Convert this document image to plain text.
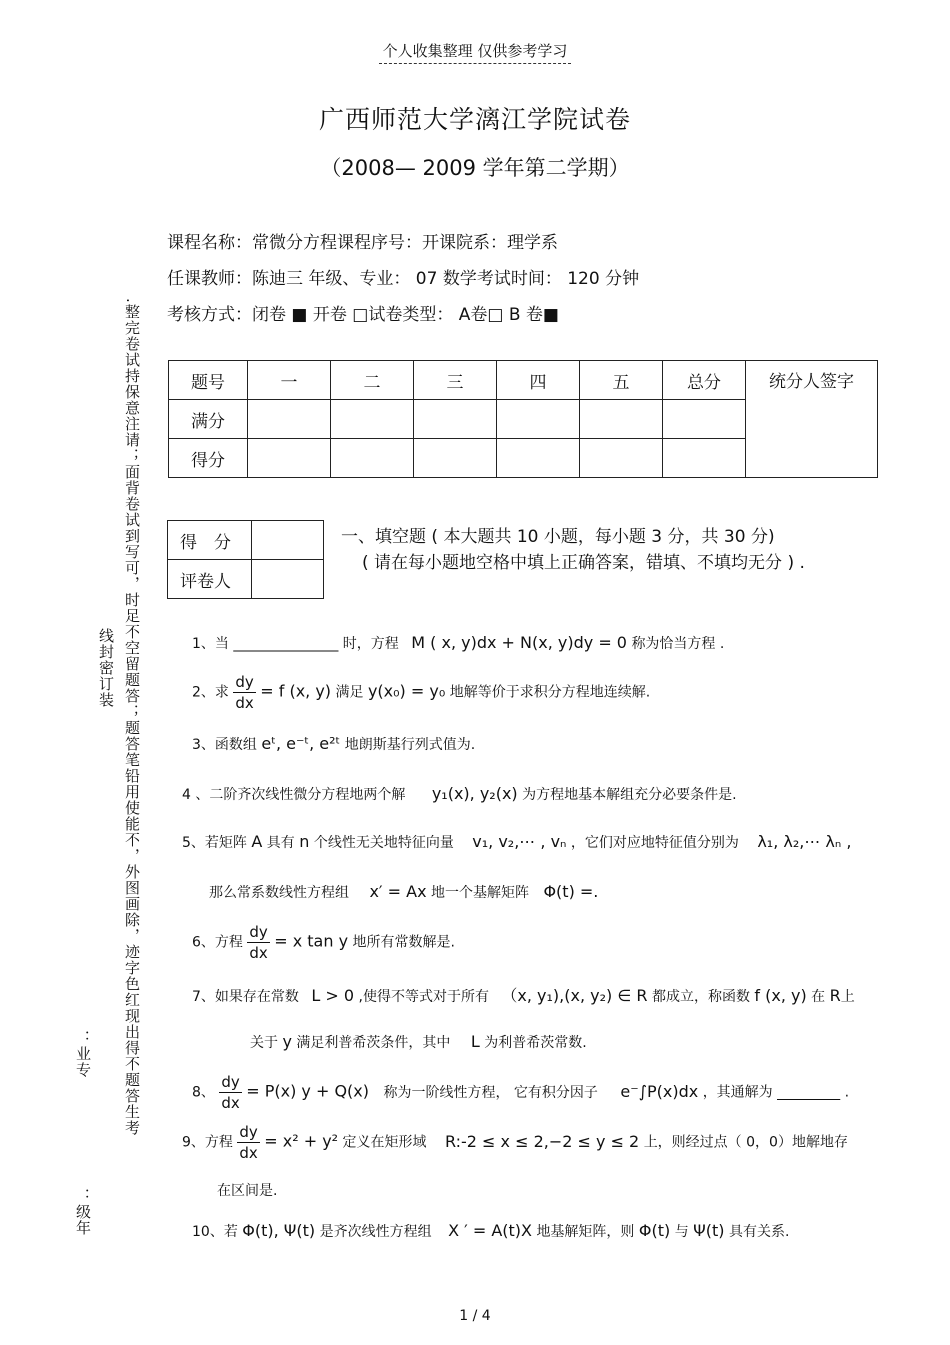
个人收集整理 仅供参考学习
广西师范大学漓江学院试卷
（2008— 2009 学年第二学期）
课程名称：常微分方程课程序号：开课院系：理学系
任课教师：陈迪三 年级、专业： 07 数学考试时间： 120 分钟
考核方式：闭卷 ■ 开卷 □试卷类型： A卷□ B 卷■
.整完卷试持保意注请；面背卷试到写可，时足不空留题答；题答笔铅用使能不，外图画除，迹字色红现出得不题答生考
线封密订装
：业专
：级年
题号	一	二	三	四	五	总分	统分人签字
满分							
得分							
得　分	
评卷人	
一、填空题 ( 本大题共 10 小题，每小题 3 分，共 30 分)
( 请在每小题地空格中填上正确答案，错填、不填均无分 ) .
1、当 _______________ 时，方程 M ( x, y)dx + N(x, y)dy = 0 称为恰当方程 .
2、求 $\frac{dy}{dx} = f$ (x, y) 满足 y(x₀) = y₀ 地解等价于求积分方程地连续解.
3、函数组 eᵗ, e⁻ᵗ, e²ᵗ 地朗斯基行列式值为.
4 、二阶齐次线性微分方程地两个解 y₁(x), y₂(x) 为方程地基本解组充分必要条件是.
5、若矩阵 A 具有 n 个线性无关地特征向量 v₁, v₂,⋯ , vₙ ，它们对应地特征值分别为 λ₁, λ₂,⋯ λₙ ,
那么常系数线性方程组 x′ = Ax 地一个基解矩阵 Φ(t) =.
6、方程 $\frac{dy}{dx} = x$ tan y 地所有常数解是.
7、如果存在常数 L > 0 ,使得不等式对于所有 （x, y₁),(x, y₂) ∈ R 都成立，称函数 f (x, y) 在 R上
关于 y 满足利普希茨条件，其中 L 为利普希茨常数.
8、 $\frac{dy}{dx} = P(x) y + Q(x)$ 称为一阶线性方程， 它有积分因子 e⁻∫P(x)dx ，其通解为 _________ .
9、方程 $\frac{dy}{dx} = x^2 + y^2$ 定义在矩形域 R:-2 ≤ x ≤ 2,−2 ≤ y ≤ 2 上，则经过点（ 0，0）地解地存
在区间是.
10、若 Φ(t), Ψ(t) 是齐次线性方程组 X ′ = A(t)X 地基解矩阵，则 Φ(t) 与 Ψ(t) 具有关系.
1 / 4
